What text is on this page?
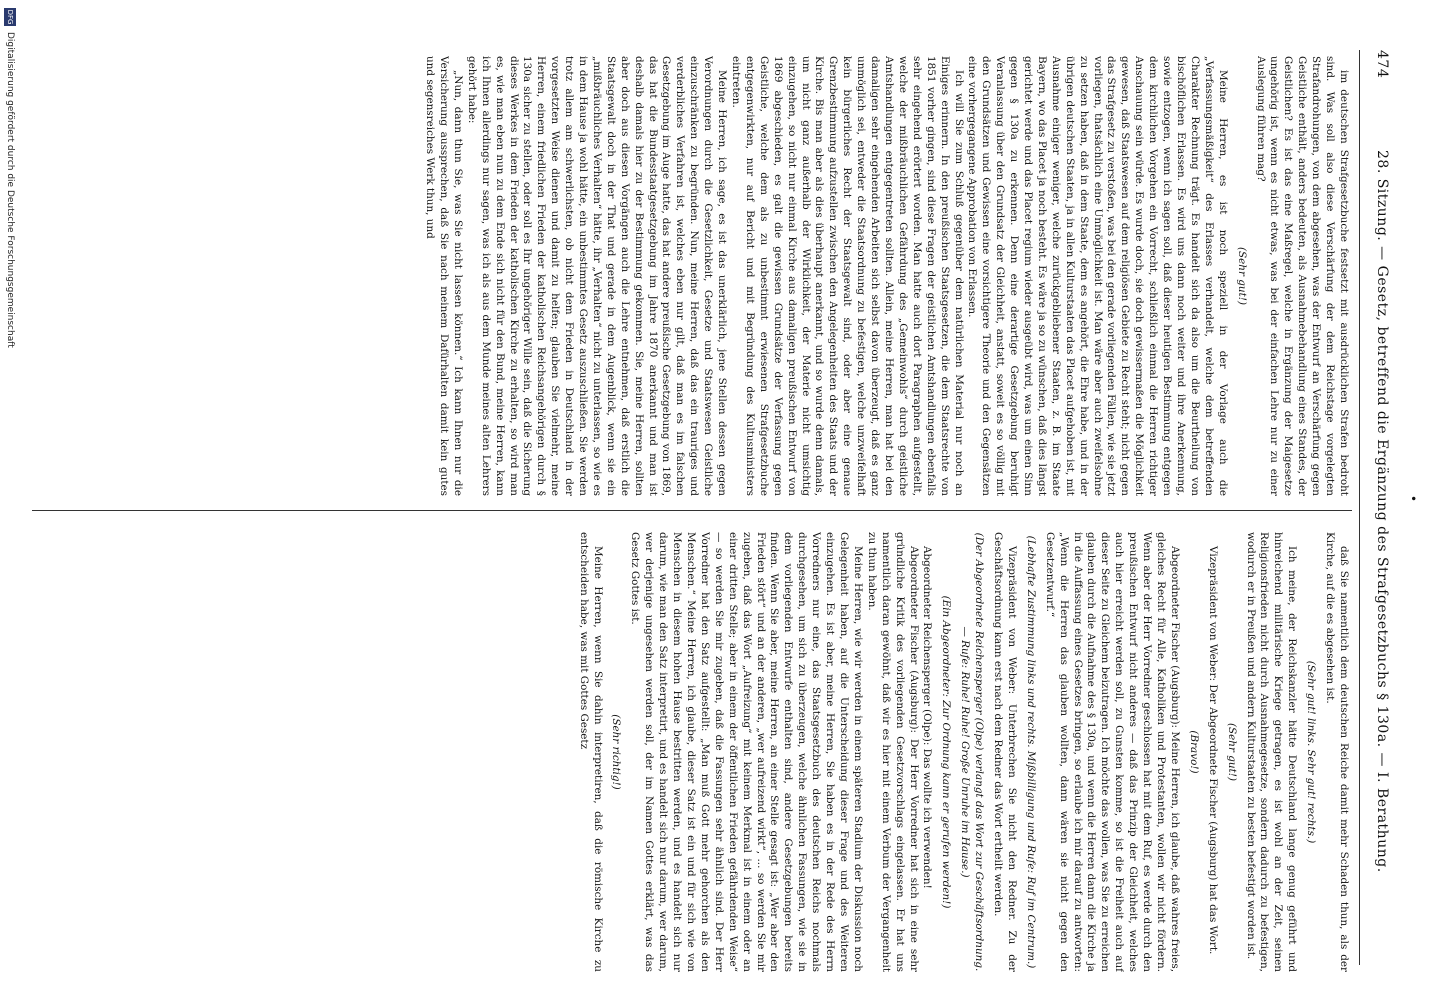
•
474
28. Sitzung. — Gesetz, betreffend die Ergänzung des Strafgesetzbuchs § 130a. — I. Berathung.

im deutschen Strafgesetzbuche festsetzt mit ausdrücklichen Strafen bedroht sind. Was soll also diese Verschärfung der dem Reichstage vorgelegten Strafandrohungen, von dem abgesehen, was der Entwurf an Verschärfung gegen Geistliche enthält, anders bedeuten, als Ausnahmebehandlung eines Standes, der Geistlichen? Es ist das eine Maßregel, welche in Ergänzung der Maigesetze ungehörig ist, wenn es nicht etwas, was bei der einfachen Lehre nur zu einer Auslegung führen mag?

(Sehr gut!)

Meine Herren, es ist noch speziell in der Vorlage auch die „Verfassungsmäßigkeit“ des Erlasses verhandelt, welche dem betreffenden Charakter Rechnung trägt. Es handelt sich da also um die Beurtheilung von bischöflichen Erlassen. Es wird uns dann noch weiter und ihre Anerkennung, sowie entzogen, wenn ich sagen soll, daß dieser heutigen Bestimmung entgegen dem kirchlichen Vorgehen ein Vorrecht, schließlich einmal die Herren richtiger Anschauung sein würde. Es wurde doch, sie doch gewissermaßen die Möglichkeit gewesen, daß Staatswesen auf dem religiösen Gebiete zu Recht steht; nicht gegen das Strafgesetz zu verstoßen, was bei den gerade vorliegenden Fällen, wie sie jetzt vorliegen, thatsächlich eine Unmöglichkeit ist. Man wäre aber auch zweifelsohne zu setzen haben, daß in dem Staate, dem es angehört, die Ehre habe, und in der übrigen deutschen Staaten, ja in allen Kulturstaaten das Placet aufgehoben ist, mit Ausnahme einiger weniger, welche zurückgebliebener Staaten, z. B. im Staate Bayern, wo das Placet ja noch besteht. Es wäre ja so zu wünschen, daß dies längst gerichtet werde und das Placet regium wieder ausgeübt wird, was um einen Sinn gegen § 130a zu erkennen. Denn eine derartige Gesetzgebung beruhigt Veranlassung über den Grundsatz der Gleichheit, anstatt, soweit es so völlig mit den Grundsätzen und Gewissen eine vorsichtigere Theorie und den Gegensätzen eine vorhergegangene Approbation von Erlassen.

Ich will Sie zum Schluß gegenüber dem natürlichen Material nur noch an Einiges erinnern. In den preußischen Staatsgesetzen, die dem Staatsrechte von 1851 vorher gingen, sind diese Fragen der geistlichen Amtshandlungen ebenfalls sehr eingehend erörtert worden. Man hatte auch dort Paragraphen aufgestellt, welche der mißbräuchlichen Gefährdung des „Gemeinwohls“ durch geistliche Amtshandlungen entgegentreten sollten. Allein, meine Herren, man hat bei den damaligen sehr eingehenden Arbeiten sich selbst davon überzeugt, daß es ganz unmöglich sei, entweder die Staatsordnung zu befestigen, welche unzweifelhaft kein bürgerliches Recht der Staatsgewalt sind, oder aber eine genaue Grenzbestimmung aufzustellen zwischen den Angelegenheiten des Staats und der Kirche. Bis man aber als dies überhaupt anerkannt, und so wurde denn damals, um nicht ganz außerhalb der Wirklichkeit, der Materie nicht umsichtig einzugehen, so nicht nur einmal Kirche aus damaligen preußischen Entwurf von 1869 abgeschieden, es galt die gewissen Grundsätze der Verfassung gegen Geistliche, welche dem als zu unbestimmt erwiesenen Strafgesetzbuche entgegenwirkten, nur auf Bericht und mit Begründung des Kultusministers eintreten.

Meine Herren, ich sage, es ist das unerklärlich, jene Stellen dessen gegen Verordnungen durch die Gesetzlichkeit, Gesetze und Staatswesen Geistliche einzuschränken zu begründen. Nun, meine Herren, daß das ein trauriges und verderbliches Verfahren ist, welches eben nur gilt, daß man es im falschen Gesetzgebung im Auge hatte, das hat andere preußische Gesetzgebung von 1869, das hat die Bundesstaatgesetzgebung im Jahre 1870 anerkannt und man ist deshalb damals hier zu der Bestimmung gekommen. Sie, meine Herren, sollten aber doch aus diesen Vorgängen auch die Lehre entnehmen, daß erstlich die Staatsgewalt doch in der That und gerade in dem Augenblick, wenn sie ein „mißbräuchliches Verhalten“ hätte, ihr „Verhalten“ nicht zu unterlassen, so wie es in dem Hause ja wohl hätte, ein unbestimmtes Gesetz auszuschließen. Sie werden trotz allem am schwerlichsten, ob nicht dem Frieden in Deutschland in der vorgesetzten Weise dienen und damit zu helfen; glauben Sie vielmehr, meine Herren, einem friedlichen Frieden der katholischen Reichsangehörigen durch § 130a sicher zu stellen, oder soll es Ihr ungehöriger Wille sein, daß die Sicherung dieses Werkes in dem Frieden der katholischen Kirche zu erhalten, so wird man es, wie man eben nun zu dem Ende sich nicht für den Bund, meine Herren, kann ich Ihnen allerdings nur sagen, was ich als aus dem Munde meines alten Lehrers gehört habe:

„Nun, dann thun Sie, was Sie nicht lassen können.“ Ich kann Ihnen nur die Versicherung aussprechen, daß Sie nach meinem Dafürhalten damit kein gutes und segensreiches Werk thun, und

daß Sie namentlich dem deutschen Reiche damit mehr Schaden thun, als der Kirche, auf die es abgesehen ist.

(Sehr gut! links. Sehr gut! rechts.)

Ich meine, der Reichskanzler hätte Deutschland lange genug geführt und hinreichend militärische Kriege getragen, es ist wohl an der Zeit, seinen Religionsfrieden nicht durch Ausnahmegesetze, sondern dadurch zu befestigen, wodurch er in Preußen und andern Kulturstaaten zu besten befestigt worden ist.

(Sehr gut!)

Vizepräsident von Weber: Der Abgeordnete Fischer (Augsburg) hat das Wort.

(Bravo!)

Abgeordneter Fischer (Augsburg): Meine Herren, ich glaube, daß wahres freies, gleiches Recht für Alle, Katholiken und Protestanten, wollen wir nicht fördern. Wenn aber der Herr Vorredner geschlossen hat mit dem Ruf, es werde durch den preußischen Entwurf nicht anderes — daß das Prinzip der Gleichheit, welches auch hier erreicht werden soll, zu Gunsten komme, so ist die Freiheit auch auf dieser Seite zu Gleichem beizutragen. Ich möchte das wollen, was Sie zu erreichen glauben durch die Aufnahme des § 130a, und wenn die Herren dann die Kirche ja in die Auffassung eines Gesetzes bringen, so erlaube ich mir darauf zu antworten: „Wenn die Herren das glauben wollten, dann wären sie nicht gegen den Gesetzentwurf.“

(Lebhafte Zustimmung links und rechts. Mißbilligung und Rufe: Ruf im Centrum.)

Vizepräsident von Weber: Unterbrechen Sie nicht den Redner. Zu der Geschäftsordnung kann erst nach dem Redner das Wort ertheilt werden.

(Der Abgeordnete Reichensperger (Olpe) verlangt das Wort zur Geschäftsordnung. — Rufe: Ruhe! Ruhe! Große Unruhe im Hause.)

(Ein Abgeordneter: Zur Ordnung kann er gerufen werden!)

Abgeordneter Reichensperger (Olpe): Das wollte ich verwenden!

Abgeordneter Fischer (Augsburg): Der Herr Vorredner hat sich in eine sehr gründliche Kritik des vorliegenden Gesetzvorschlags eingelassen. Er hat uns namentlich daran gewöhnt, daß wir es hier mit einem Verbum der Vergangenheit zu thun haben.

Meine Herren, wie wir werden in einem späteren Stadium der Diskussion noch Gelegenheit haben, auf die Unterscheidung dieser Frage und des Weiteren einzugehen. Es ist aber, meine Herren, Sie haben es in der Rede des Herrn Vorredners nur eine, das Staatsgesetzbuch des deutschen Reichs nochmals durchgesehen, um sich zu überzeugen, welche ähnlichen Fassungen, wie sie in dem vorliegenden Entwurfe enthalten sind, andere Gesetzgebungen bereits finden. Wenn Sie aber, meine Herren, an einer Stelle gesagt ist: „Wer aber den Frieden stört“ und an der anderen, „wer aufreizend wirkt“, ... so werden Sie mir zugeben, daß das Wort „Aufreizung“ mit keinem Merkmal ist in einem oder an einer dritten Stelle; aber in einem der öffentlichen Frieden gefährdenden Weise“ — so werden Sie mir zugeben, daß die Fassungen sehr ähnlich sind. Der Herr Vorredner hat den Satz aufgestellt: „Man muß Gott mehr gehorchen als den Menschen.“ Meine Herren, ich glaube, dieser Satz ist ein und für sich wie von Menschen in diesem hohen Hause bestritten werden, und es handelt sich nur darum, wie man den Satz interpretirt, und es handelt sich nur darum, wer darum, wer derjenige ungesehen werden soll, der im Namen Gottes erklärt, was das Gesetz Gottes ist.

(Sehr richtig!)

Meine Herren, wenn Sie dahin interpretiren, daß die römische Kirche zu entscheiden habe, was mit Gottes Gesetz

DFG
Digitalisierung gefördert durch die Deutsche Forschungsgemeinschaft
